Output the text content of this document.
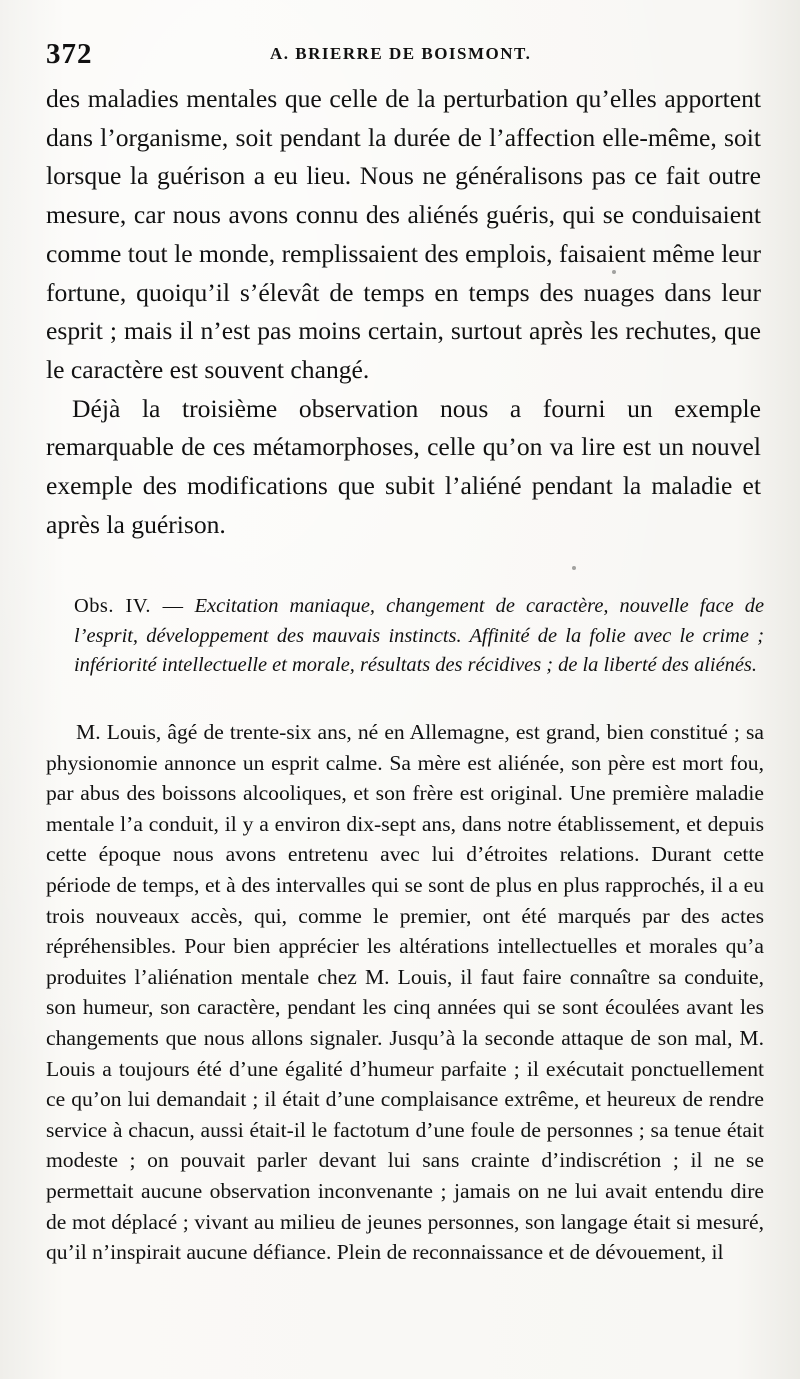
372	A. BRIERRE DE BOISMONT.

des maladies mentales que celle de la perturbation qu’elles apportent dans l’organisme, soit pendant la durée de l’affection elle-même, soit lorsque la guérison a eu lieu. Nous ne généralisons pas ce fait outre mesure, car nous avons connu des aliénés guéris, qui se conduisaient comme tout le monde, remplissaient des emplois, faisaient même leur fortune, quoiqu’il s’élevât de temps en temps des nuages dans leur esprit ; mais il n’est pas moins certain, surtout après les rechutes, que le caractère est souvent changé.

Déjà la troisième observation nous a fourni un exemple remarquable de ces métamorphoses, celle qu’on va lire est un nouvel exemple des modifications que subit l’aliéné pendant la maladie et après la guérison.

Obs. IV. — Excitation maniaque, changement de caractère, nouvelle face de l’esprit, développement des mauvais instincts. Affinité de la folie avec le crime ; infériorité intellectuelle et morale, résultats des récidives ; de la liberté des aliénés.

M. Louis, âgé de trente-six ans, né en Allemagne, est grand, bien constitué ; sa physionomie annonce un esprit calme. Sa mère est aliénée, son père est mort fou, par abus des boissons alcooliques, et son frère est original. Une première maladie mentale l’a conduit, il y a environ dix-sept ans, dans notre établissement, et depuis cette époque nous avons entretenu avec lui d’étroites relations. Durant cette période de temps, et à des intervalles qui se sont de plus en plus rapprochés, il a eu trois nouveaux accès, qui, comme le premier, ont été marqués par des actes répréhensibles. Pour bien apprécier les altérations intellectuelles et morales qu’a produites l’aliénation mentale chez M. Louis, il faut faire connaître sa conduite, son humeur, son caractère, pendant les cinq années qui se sont écoulées avant les changements que nous allons signaler. Jusqu’à la seconde attaque de son mal, M. Louis a toujours été d’une égalité d’humeur parfaite ; il exécutait ponctuellement ce qu’on lui demandait ; il était d’une complaisance extrême, et heureux de rendre service à chacun, aussi était-il le factotum d’une foule de personnes ; sa tenue était modeste ; on pouvait parler devant lui sans crainte d’indiscrétion ; il ne se permettait aucune observation inconvenante ; jamais on ne lui avait entendu dire de mot déplacé ; vivant au milieu de jeunes personnes, son langage était si mesuré, qu’il n’inspirait aucune défiance. Plein de reconnaissance et de dévouement, il
